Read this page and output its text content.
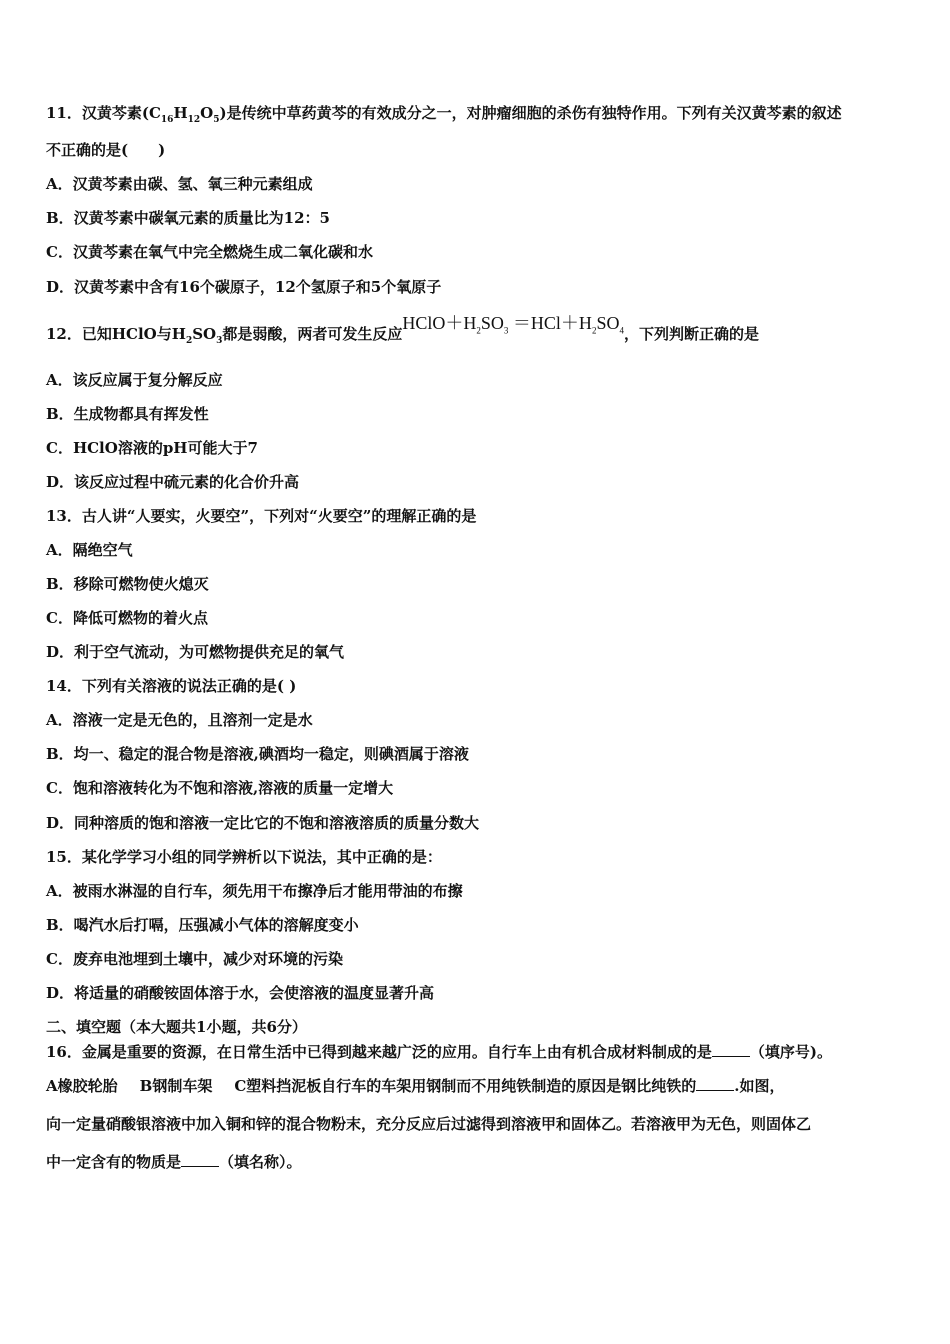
11．汉黄芩素$(C_{16}H_{12}O_5)$是传统中草药黄芩的有效成分之一，对肿瘤细胞的杀伤有独特作用。下列有关汉黄芩素的叙述
不正确的是(　　)
A．汉黄芩素由碳、氢、氧三种元素组成
B．汉黄芩素中碳氧元素的质量比为12：5
C．汉黄芩素在氧气中完全燃烧生成二氧化碳和水
D．汉黄芩素中含有16个碳原子，12个氢原子和5个氧原子
12．已知HClO与$H_2SO_3$都是弱酸，两者可发生反应$HClO+H_2SO_3 =HCl+H_2SO_4$，下列判断正确的是
A．该反应属于复分解反应
B．生成物都具有挥发性
C．HClO溶液的pH可能大于7
D．该反应过程中硫元素的化合价升高
13．古人讲“人要实，火要空”，下列对“火要空”的理解正确的是
A．隔绝空气
B．移除可燃物使火熄灭
C．降低可燃物的着火点
D．利于空气流动，为可燃物提供充足的氧气
14．下列有关溶液的说法正确的是( )
A．溶液一定是无色的，且溶剂一定是水
B．均一、稳定的混合物是溶液,碘酒均一稳定，则碘酒属于溶液
C．饱和溶液转化为不饱和溶液,溶液的质量一定增大
D．同种溶质的饱和溶液一定比它的不饱和溶液溶质的质量分数大
15．某化学学习小组的同学辨析以下说法，其中正确的是：
A．被雨水淋湿的自行车，须先用干布擦净后才能用带油的布擦
B．喝汽水后打嗝，压强减小气体的溶解度变小
C．废弃电池埋到土壤中，减少对环境的污染
D．将适量的硝酸铵固体溶于水，会使溶液的温度显著升高
二、填空题（本大题共1小题，共6分）
16．金属是重要的资源，在日常生活中已得到越来越广泛的应用。自行车上由有机合成材料制成的是	（填序号)。
A橡胶轮胎 B钢制车架 C塑料挡泥板自行车的车架用钢制而不用纯铁制造的原因是钢比纯铁的	.如图，
向一定量硝酸银溶液中加入铜和锌的混合物粉末，充分反应后过滤得到溶液甲和固体乙。若溶液甲为无色，则固体乙
中一定含有的物质是	（填名称）。
